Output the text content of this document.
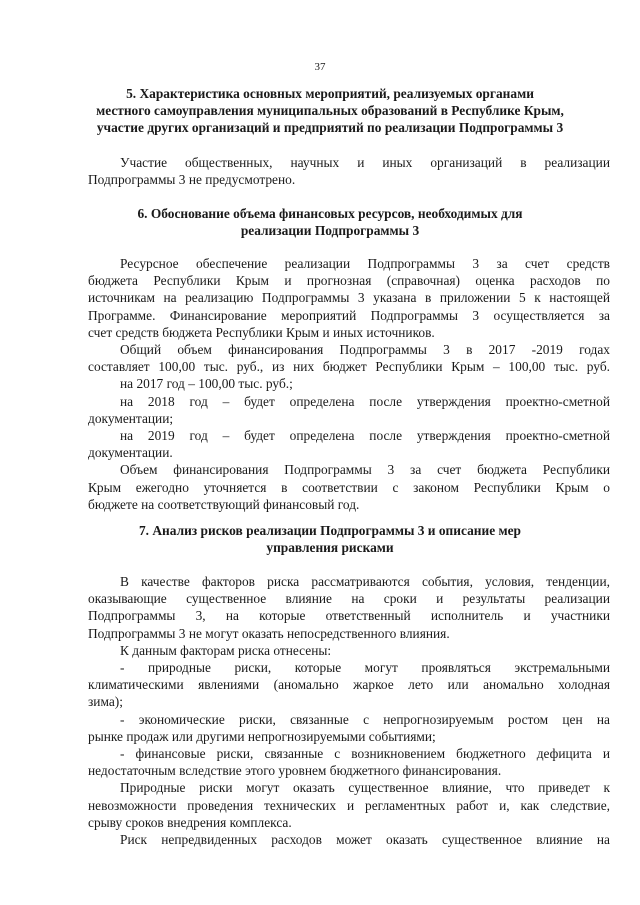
37
5. Характеристика основных мероприятий, реализуемых органами
местного самоуправления муниципальных образований в Республике Крым,
участие других организаций и предприятий по реализации Подпрограммы 3
Участие общественных, научных и иных организаций в реализации
Подпрограммы 3 не предусмотрено.
6. Обоснование объема финансовых ресурсов, необходимых для
реализации Подпрограммы 3
Ресурсное обеспечение реализации Подпрограммы 3 за счет средств
бюджета Республики Крым и прогнозная (справочная) оценка расходов по
источникам на реализацию Подпрограммы 3 указана в приложении 5 к настоящей
Программе. Финансирование мероприятий Подпрограммы 3 осуществляется за
счет средств бюджета Республики Крым и иных источников.
Общий объем финансирования Подпрограммы 3 в 2017 -2019 годах
составляет 100,00 тыс. руб., из них бюджет Республики Крым – 100,00 тыс. руб.
на 2017 год – 100,00 тыс. руб.;
на 2018 год – будет определена после утверждения проектно-сметной
документации;
на 2019 год – будет определена после утверждения проектно-сметной
документации.
Объем финансирования Подпрограммы 3 за счет бюджета Республики
Крым ежегодно уточняется в соответствии с законом Республики Крым о
бюджете на соответствующий финансовый год.
7. Анализ рисков реализации Подпрограммы 3 и описание мер
управления рисками
В качестве факторов риска рассматриваются события, условия, тенденции,
оказывающие существенное влияние на сроки и результаты реализации
Подпрограммы 3, на которые ответственный исполнитель и участники
Подпрограммы 3 не могут оказать непосредственного влияния.
К данным факторам риска отнесены:
- природные риски, которые могут проявляться экстремальными
климатическими явлениями (аномально жаркое лето или аномально холодная
зима);
- экономические риски, связанные с непрогнозируемым ростом цен на
рынке продаж или другими непрогнозируемыми событиями;
- финансовые риски, связанные с возникновением бюджетного дефицита и
недостаточным вследствие этого уровнем бюджетного финансирования.
Природные риски могут оказать существенное влияние, что приведет к
невозможности проведения технических и регламентных работ и, как следствие,
срыву сроков внедрения комплекса.
Риск непредвиденных расходов может оказать существенное влияние на
